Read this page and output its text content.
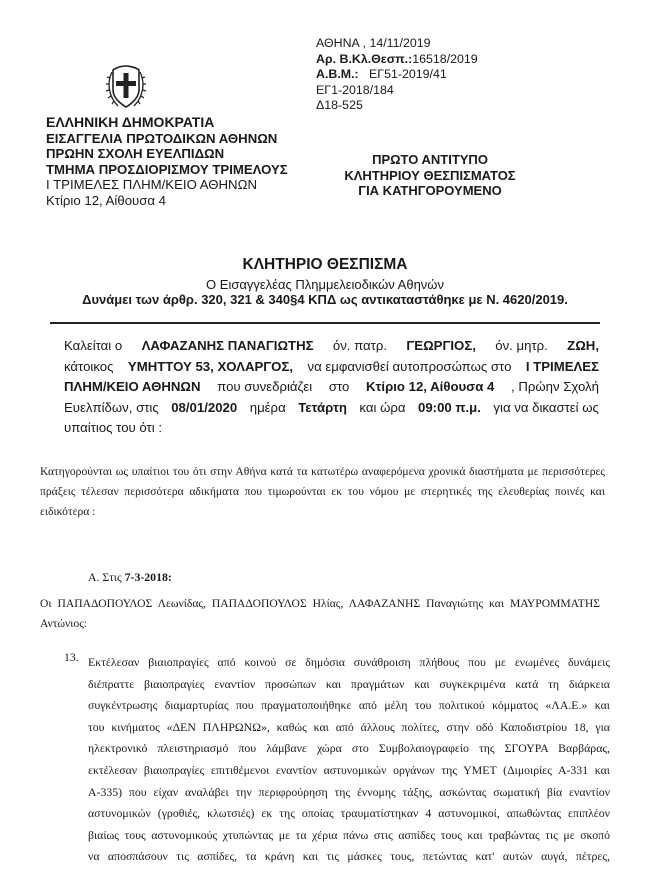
ΕΛΛΗΝΙΚΗ ΔΗΜΟΚΡΑΤΙΑ
ΕΙΣΑΓΓΕΛΙΑ ΠΡΩΤΟΔΙΚΩΝ ΑΘΗΝΩΝ
ΠΡΩΗΝ ΣΧΟΛΗ ΕΥΕΛΠΙΔΩΝ
ΤΜΗΜΑ ΠΡΟΣΔΙΟΡΙΣΜΟΥ ΤΡΙΜΕΛΟΥΣ
Ι ΤΡΙΜΕΛΕΣ ΠΛΗΜ/ΚΕΙΟ ΑΘΗΝΩΝ
Κτίριο 12, Αίθουσα 4
ΑΘΗΝΑ , 14/11/2019
Αρ. Β.Κλ.Θεσπ.:16518/2019
Α.Β.Μ.: ΕΓ51-2019/41
ΕΓ1-2018/184
Δ18-525
ΠΡΩΤΟ ΑΝΤΙΤΥΠΟ
ΚΛΗΤΗΡΙΟΥ ΘΕΣΠΙΣΜΑΤΟΣ
ΓΙΑ ΚΑΤΗΓΟΡΟΥΜΕΝΟ
ΚΛΗΤΗΡΙΟ ΘΕΣΠΙΣΜΑ
Ο Εισαγγελέας Πλημμελειοδικών Αθηνών
Δυνάμει των άρθρ. 320, 321 & 340§4 ΚΠΔ ως αντικαταστάθηκε με Ν. 4620/2019.
Καλείται ο ΛΑΦΑΖΑΝΗΣ ΠΑΝΑΓΙΩΤΗΣ όν. πατρ. ΓΕΩΡΓΙΟΣ, όν. μητρ. ΖΩΗ,
κάτοικος ΥΜΗΤΤΟΥ 53, ΧΟΛΑΡΓΟΣ, να εμφανισθεί αυτοπροσώπως στο Ι ΤΡΙΜΕΛΕΣ
ΠΛΗΜ/ΚΕΙΟ ΑΘΗΝΩΝ που συνεδριάζει στο Κτίριο 12, Αίθουσα 4 , Πρώην Σχολή
Ευελπίδων, στις 08/01/2020 ημέρα Τετάρτη και ώρα 09:00 π.μ. για να δικαστεί ως
υπαίτιος του ότι :
Κατηγορούνται ως υπαίτιοι του ότι στην Αθήνα κατά τα κατωτέρω αναφερόμενα χρονικά διαστήματα με περισσότερες
πράξεις τέλεσαν περισσότερα αδικήματα που τιμωρούνται εκ του νόμου με στερητικές της ελευθερίας ποινές και
ειδικότερα :
Α. Στις 7-3-2018:
Οι ΠΑΠΑΔΟΠΟΥΛΟΣ Λεωνίδας, ΠΑΠΑΔΟΠΟΥΛΟΣ Ηλίας, ΛΑΦΑΖΑΝΗΣ Παναγιώτης και ΜΑΥΡΟΜΜΑΤΗΣ
Αντώνιος:
13. Εκτέλεσαν βιαιοπραγίες από κοινού σε δημόσια συνάθροιση πλήθους που με ενωμένες δυνάμεις
διέπραττε βιαιοπραγίες εναντίον προσώπων και πραγμάτων και συγκεκριμένα κατά τη διάρκεια
συγκέντρωσης διαμαρτυρίας που πραγματοποιήθηκε από μέλη του πολιτικού κόμματος «ΛΑ.Ε.» και
του κινήματος «ΔΕΝ ΠΛΗΡΩΝΩ», καθώς και από άλλους πολίτες, στην οδό Καποδιστρίου 18, για
ηλεκτρονικό πλειστηριασμό που λάμβανε χώρα στο Συμβολαιογραφείο της ΣΓΟΥΡΑ Βαρβάρας,
εκτέλεσαν βιαιοπραγίες επιτιθέμενοι εναντίον αστυνομικών οργάνων της ΥΜΕΤ (Διμοιρίες Α-331 και
Α-335) που είχαν αναλάβει την περιφρούρηση της έννομης τάξης, ασκώντας σωματική βία εναντίον
αστυνομικών (γροθιές, κλωτσιές) εκ της οποίας τραυματίστηκαν 4 αστυνομικοί, απωθώντας επιπλέον
βιαίως τους αστυνομικούς χτυπώντας με τα χέρια πάνω στις ασπίδες τους και τραβώντας τις με σκοπό
να αποσπάσουν τις ασπίδες, τα κράνη και τις μάσκες τους, πετώντας κατ' αυτών αυγά, πέτρες,
